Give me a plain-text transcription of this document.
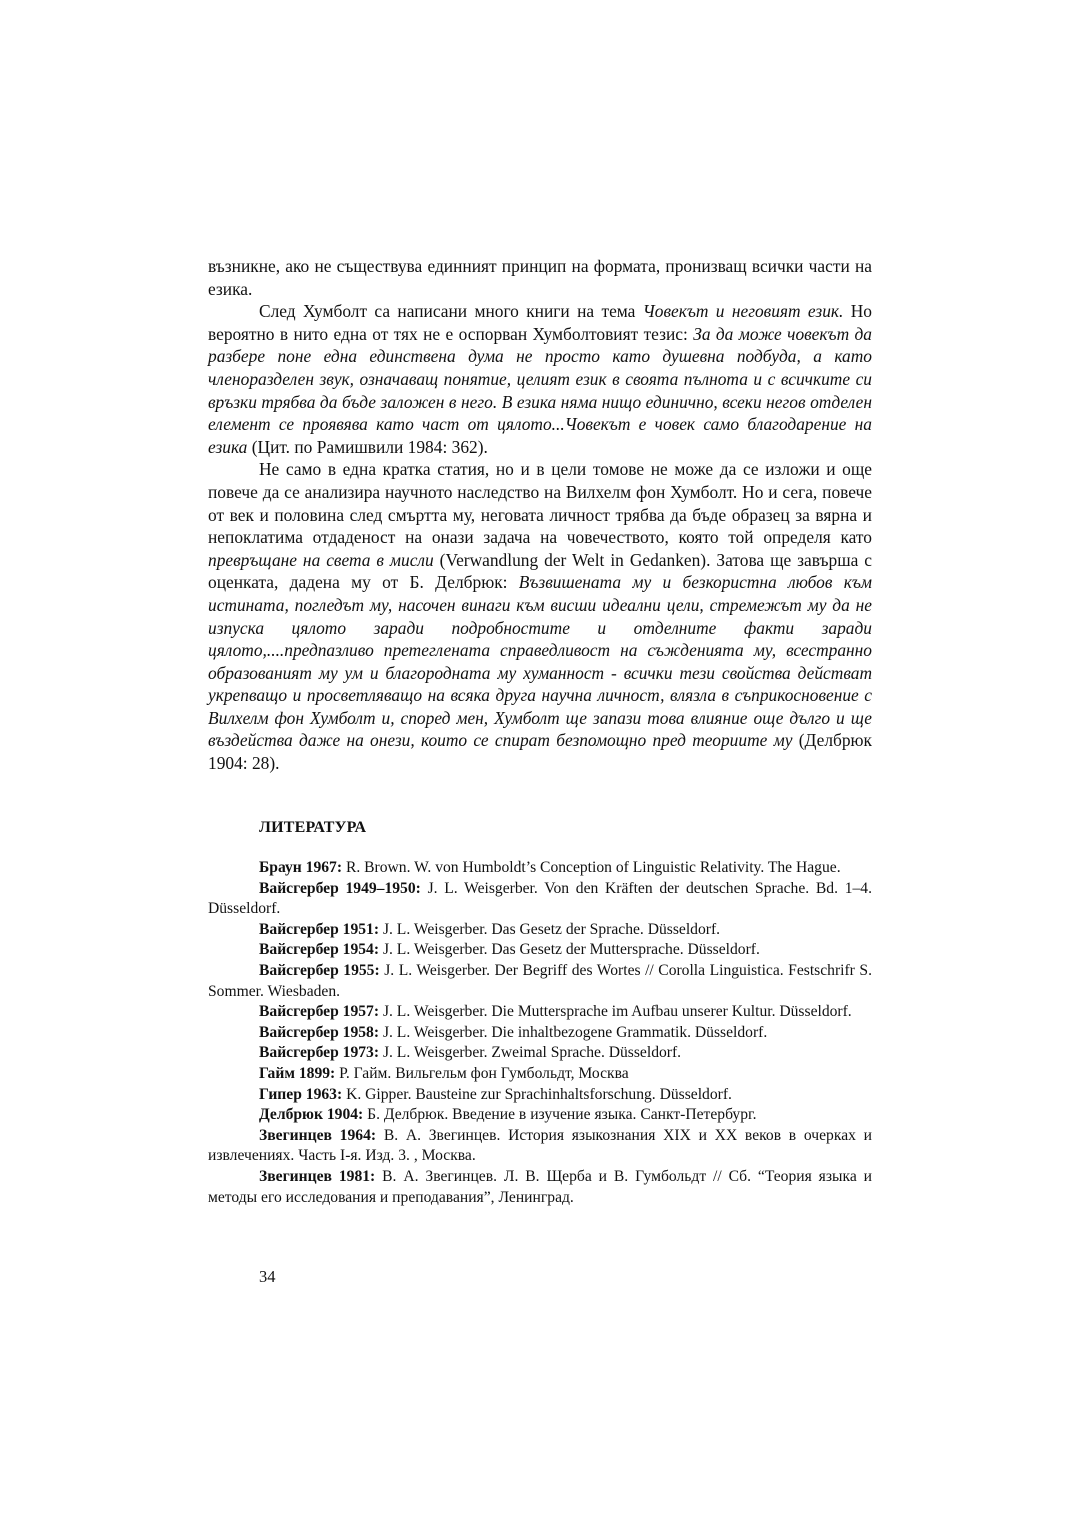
възникне, ако не съществува единният принцип на формата, пронизващ всички части на езика.

След Хумболт са написани много книги на тема Човекът и неговият език. Но вероятно в нито една от тях не е оспорван Хумболтовият тезис: За да може човекът да разбере поне една единствена дума не просто като душевна подбуда, а като членоразделен звук, означаващ понятие, целият език в своята пълнота и с всичките си връзки трябва да бъде заложен в него. В езика няма нищо единично, всеки негов отделен елемент се проявява като част от цялото...Човекът е човек само благодарение на езика (Цит. по Рамишвили 1984: 362).

Не само в една кратка статия, но и в цели томове не може да се изложи и още повече да се анализира научното наследство на Вилхелм фон Хумболт. Но и сега, повече от век и половина след смъртта му, неговата личност трябва да бъде образец за вярна и непоклатима отдаденост на онази задача на човечеството, която той определя като превръщане на света в мисли (Verwandlung der Welt in Gedanken). Затова ще завърша с оценката, дадена му от Б. Делбрюк: Възвишената му и безкористна любов към истината, погледът му, насочен винаги към висши идеални цели, стремежът му да не изпуска цялото заради подробностите и отделните факти заради цялото,....предпазливо претеглената справедливост на съжденията му, всестранно образованият му ум и благородната му хуманност - всички тези свойства действат укрепващо и просветляващо на всяка друга научна личност, влязла в съприкосновение с Вилхелм фон Хумболт и, според мен, Хумболт ще запази това влияние още дълго и ще въздейства даже на онези, които се спират безпомощно пред теориите му (Делбрюк 1904: 28).

ЛИТЕРАТУРА

Браун 1967: R. Brown. W. von Humboldt’s Conception of Linguistic Relativity. The Hague.

Вайсгербер 1949–1950: J. L. Weisgerber. Von den Kräften der deutschen Sprache. Bd. 1–4. Düsseldorf.

Вайсгербер 1951: J. L. Weisgerber. Das Gesetz der Sprache. Düsseldorf.

Вайсгербер 1954: J. L. Weisgerber. Das Gesetz der Muttersprache. Düsseldorf.

Вайсгербер 1955: J. L. Weisgerber. Der Begriff des Wortes // Corolla Linguistica. Festschrifr S. Sommer. Wiesbaden.

Вайсгербер 1957: J. L. Weisgerber. Die Muttersprache im Aufbau unserer Kultur. Düsseldorf.

Вайсгербер 1958: J. L. Weisgerber. Die inhaltbezogene Grammatik. Düsseldorf.

Вайсгербер 1973: J. L. Weisgerber. Zweimal Sprache. Düsseldorf.

Гайм 1899: Р. Гайм. Вильгельм фон Гумбольдт, Москва

Гипер 1963: K. Gipper. Bausteine zur Sprachinhaltsforschung. Düsseldorf.

Делбрюк 1904: Б. Делбрюк. Введение в изучение языка. Санкт-Петербург.

Звегинцев 1964: В. А. Звегинцев. История языкознания XIX и XX веков в очерках и извлечениях. Часть I-я. Изд. 3. , Москва.

Звегинцев 1981: В. А. Звегинцев. Л. В. Щерба и В. Гумбольдт // Сб. “Теория языка и методы его исследования и преподавания”, Ленинград.

34
